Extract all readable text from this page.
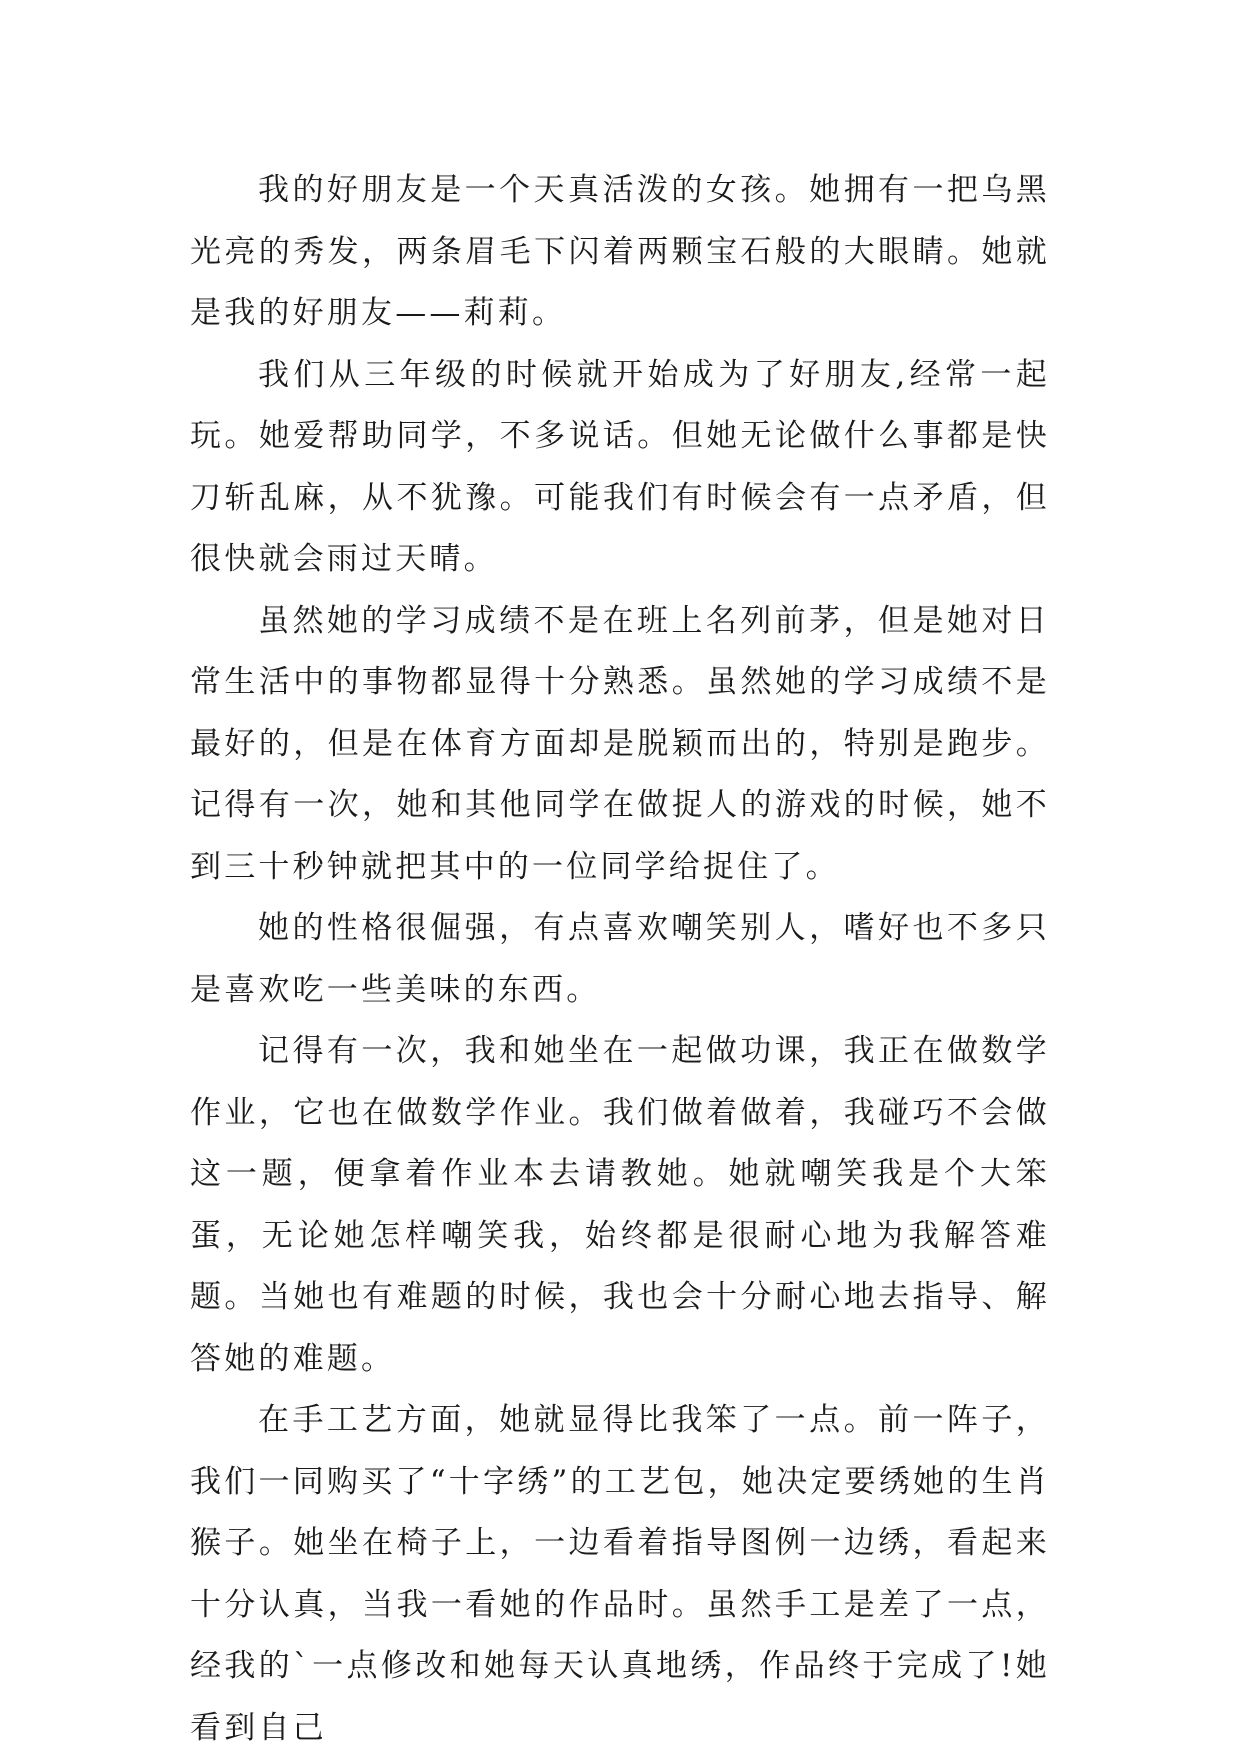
我的好朋友是一个天真活泼的女孩。她拥有一把乌黑光亮的秀发，两条眉毛下闪着两颗宝石般的大眼睛。她就是我的好朋友——莉莉。

我们从三年级的时候就开始成为了好朋友,经常一起玩。她爱帮助同学，不多说话。但她无论做什么事都是快刀斩乱麻，从不犹豫。可能我们有时候会有一点矛盾，但很快就会雨过天晴。

虽然她的学习成绩不是在班上名列前茅，但是她对日常生活中的事物都显得十分熟悉。虽然她的学习成绩不是最好的，但是在体育方面却是脱颖而出的，特别是跑步。记得有一次，她和其他同学在做捉人的游戏的时候，她不到三十秒钟就把其中的一位同学给捉住了。

她的性格很倔强，有点喜欢嘲笑别人，嗜好也不多只是喜欢吃一些美味的东西。

记得有一次，我和她坐在一起做功课，我正在做数学作业，它也在做数学作业。我们做着做着，我碰巧不会做这一题，便拿着作业本去请教她。她就嘲笑我是个大笨蛋，无论她怎样嘲笑我，始终都是很耐心地为我解答难题。当她也有难题的时候，我也会十分耐心地去指导、解答她的难题。

在手工艺方面，她就显得比我笨了一点。前一阵子，我们一同购买了“十字绣”的工艺包，她决定要绣她的生肖猴子。她坐在椅子上，一边看着指导图例一边绣，看起来十分认真，当我一看她的作品时。虽然手工是差了一点，经我的`一点修改和她每天认真地绣，作品终于完成了!她看到自己
